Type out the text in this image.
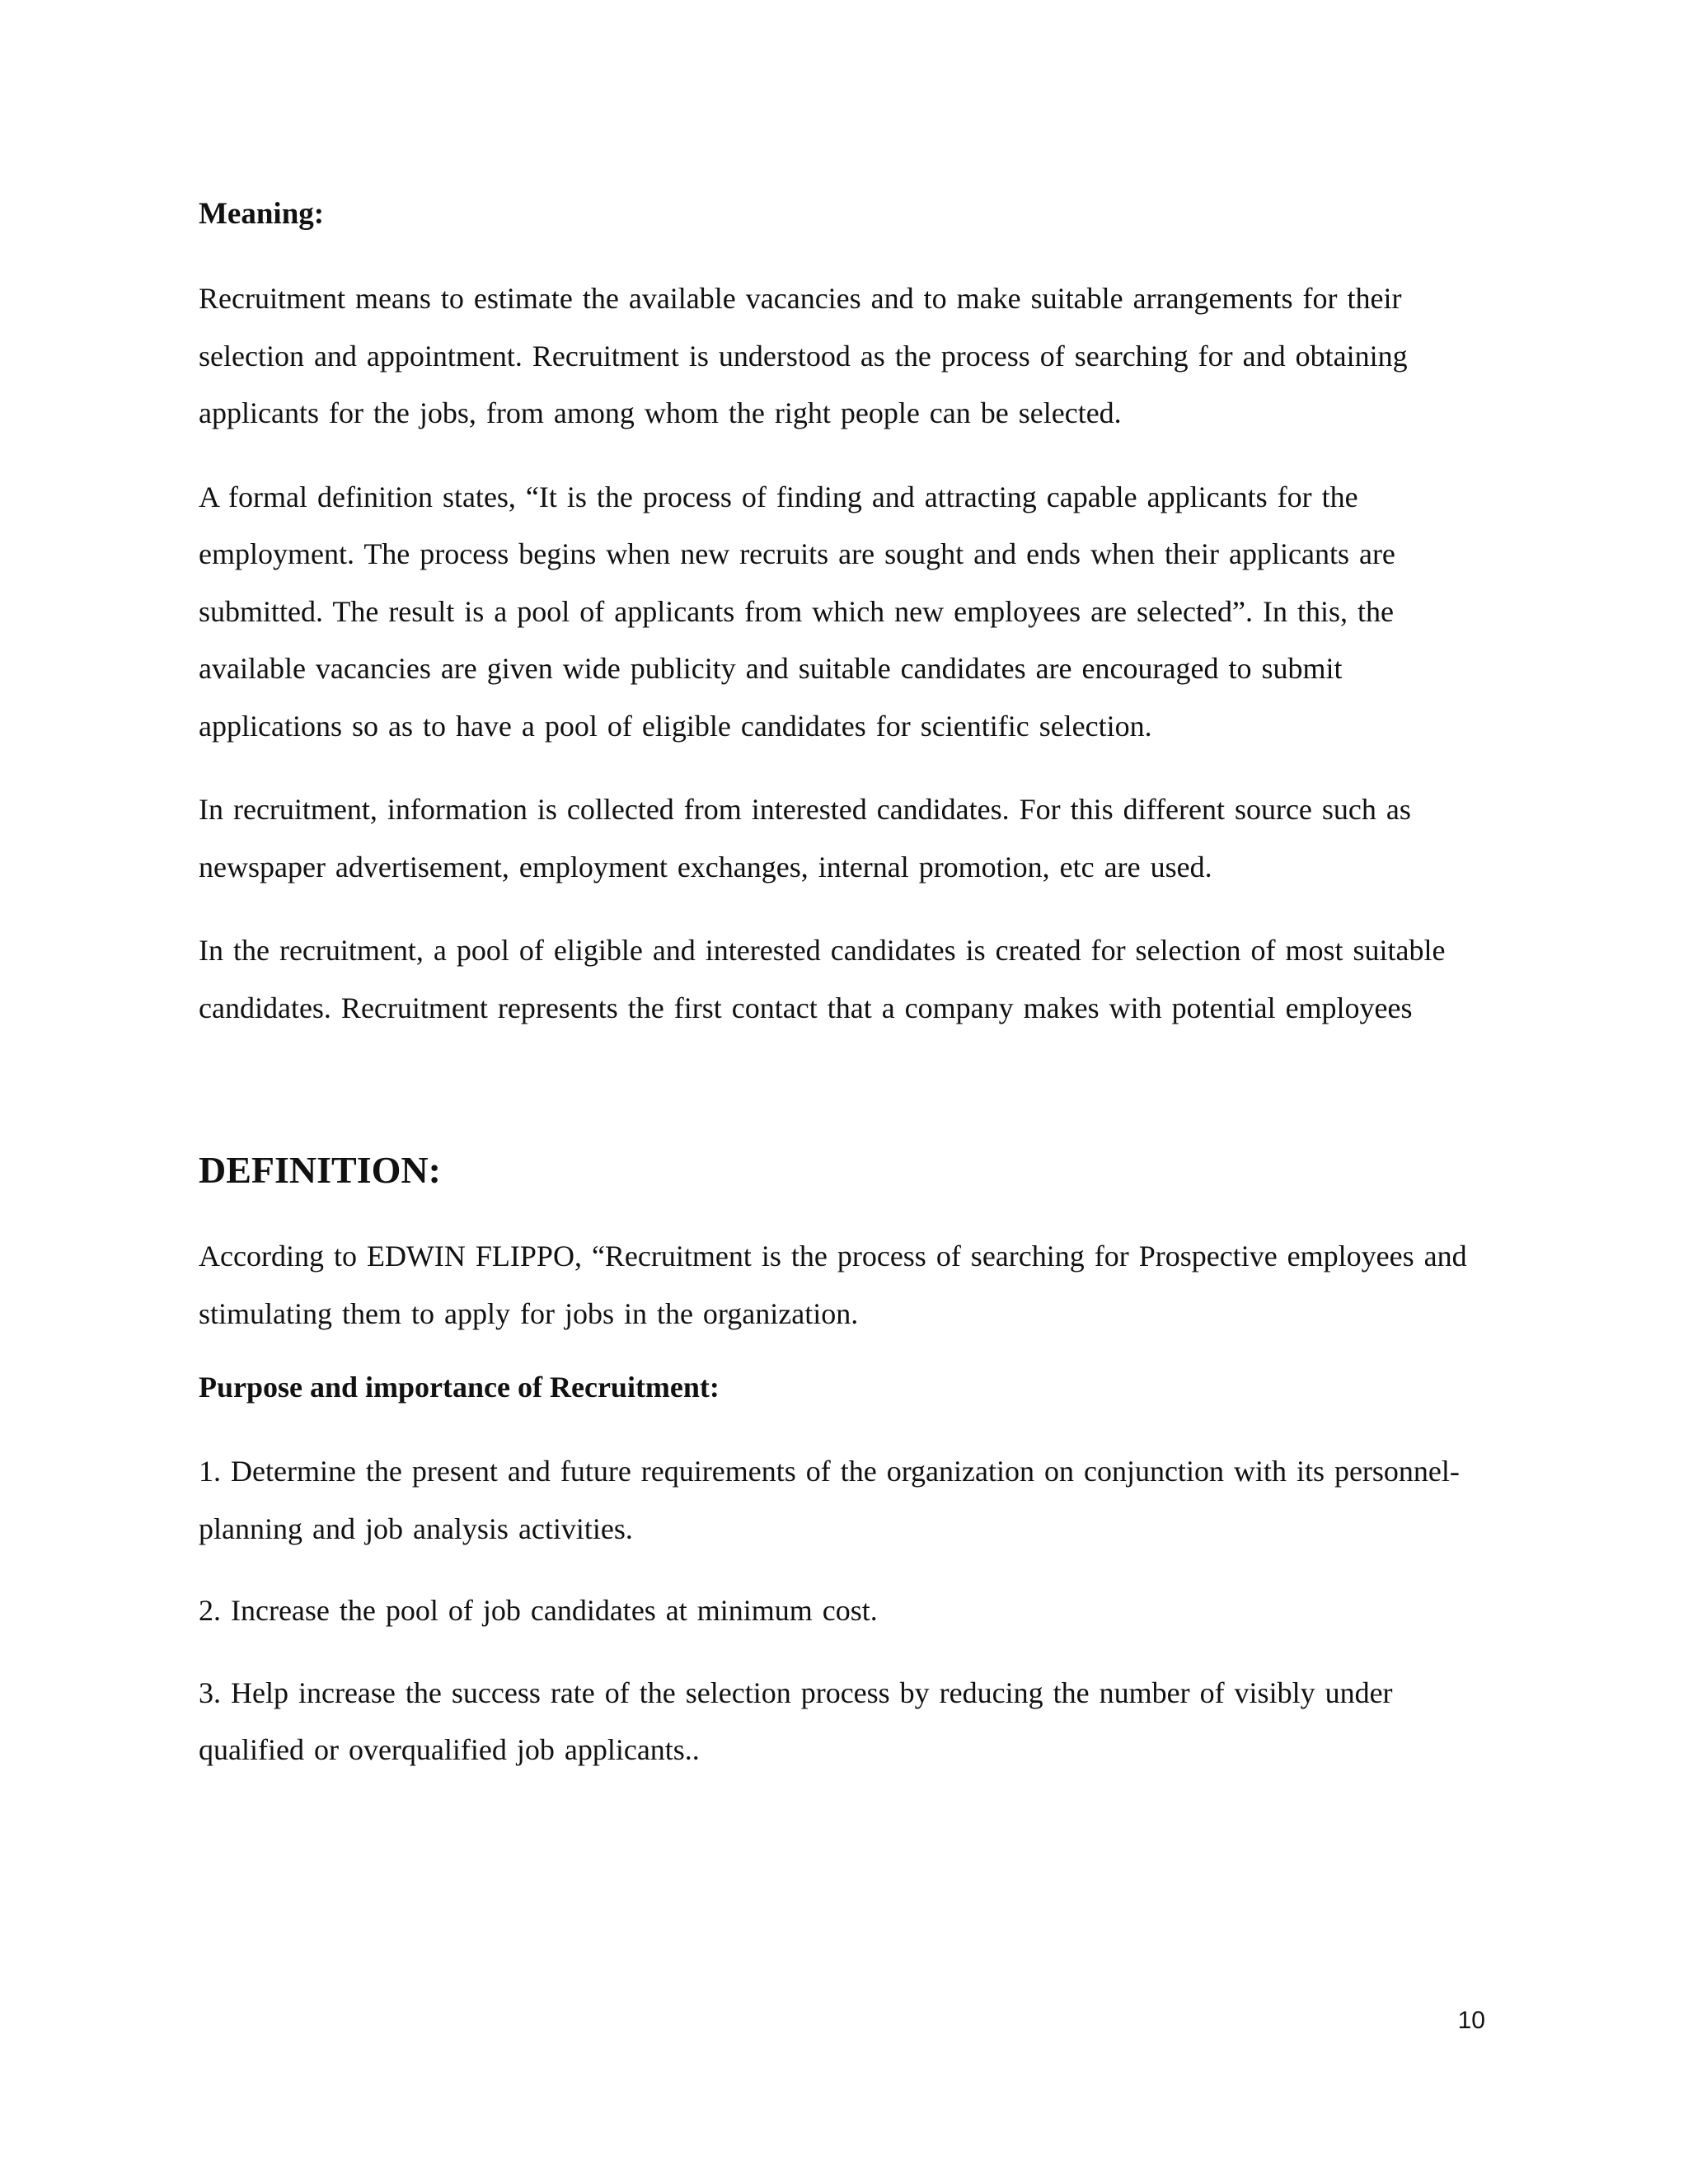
Meaning:

Recruitment means to estimate the available vacancies and to make suitable arrangements for their selection and appointment. Recruitment is understood as the process of searching for and obtaining applicants for the jobs, from among whom the right people can be selected.

A formal definition states, “It is the process of finding and attracting capable applicants for the employment. The process begins when new recruits are sought and ends when their applicants are submitted. The result is a pool of applicants from which new employees are selected”. In this, the available vacancies are given wide publicity and suitable candidates are encouraged to submit applications so as to have a pool of eligible candidates for scientific selection.

In recruitment, information is collected from interested candidates. For this different source such as newspaper advertisement, employment exchanges, internal promotion, etc are used.

In the recruitment, a pool of eligible and interested candidates is created for selection of most suitable candidates. Recruitment represents the first contact that a company makes with potential employees

DEFINITION:

According to EDWIN FLIPPO, “Recruitment is the process of searching for Prospective employees and stimulating them to apply for jobs in the organization.

Purpose and importance of Recruitment:

1. Determine the present and future requirements of the organization on conjunction with its personnel-planning and job analysis activities.

2. Increase the pool of job candidates at minimum cost.

3. Help increase the success rate of the selection process by reducing the number of visibly under qualified or overqualified job applicants..

10
